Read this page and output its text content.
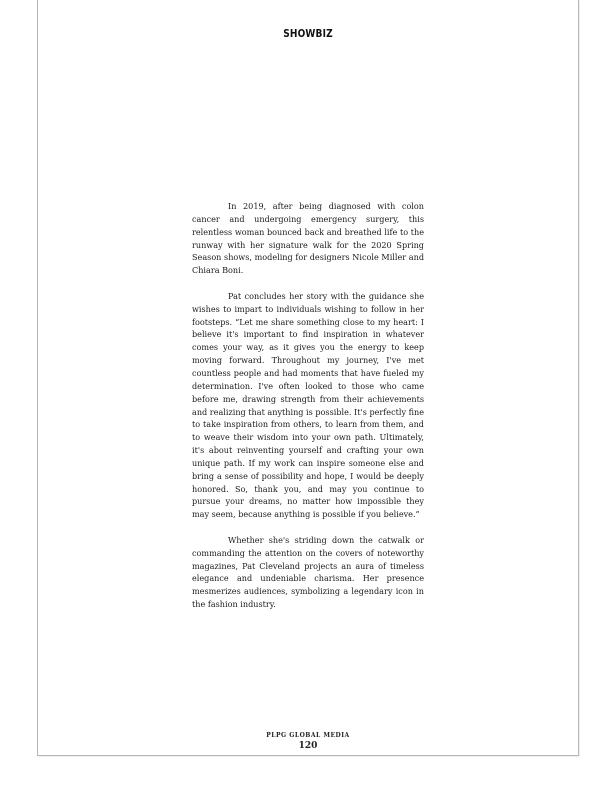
SHOWBIZ

In 2019, after being diagnosed with colon cancer and undergoing emergency surgery, this relentless woman bounced back and breathed life to the runway with her signature walk for the 2020 Spring Season shows, modeling for designers Nicole Miller and Chiara Boni.

Pat concludes her story with the guidance she wishes to impart to individuals wishing to follow in her footsteps. “Let me share something close to my heart: I believe it's important to find inspiration in whatever comes your way, as it gives you the energy to keep moving forward. Throughout my journey, I've met countless people and had moments that have fueled my determination. I've often looked to those who came before me, drawing strength from their achievements and realizing that anything is possible. It's perfectly fine to take inspiration from others, to learn from them, and to weave their wisdom into your own path. Ultimately, it's about reinventing yourself and crafting your own unique path. If my work can inspire someone else and bring a sense of possibility and hope, I would be deeply honored. So, thank you, and may you continue to pursue your dreams, no matter how impossible they may seem, because anything is possible if you believe.”

Whether she's striding down the catwalk or commanding the attention on the covers of noteworthy magazines, Pat Cleveland projects an aura of timeless elegance and undeniable charisma. Her presence mesmerizes audiences, symbolizing a legendary icon in the fashion industry.

PLPG GLOBAL MEDIA
120
